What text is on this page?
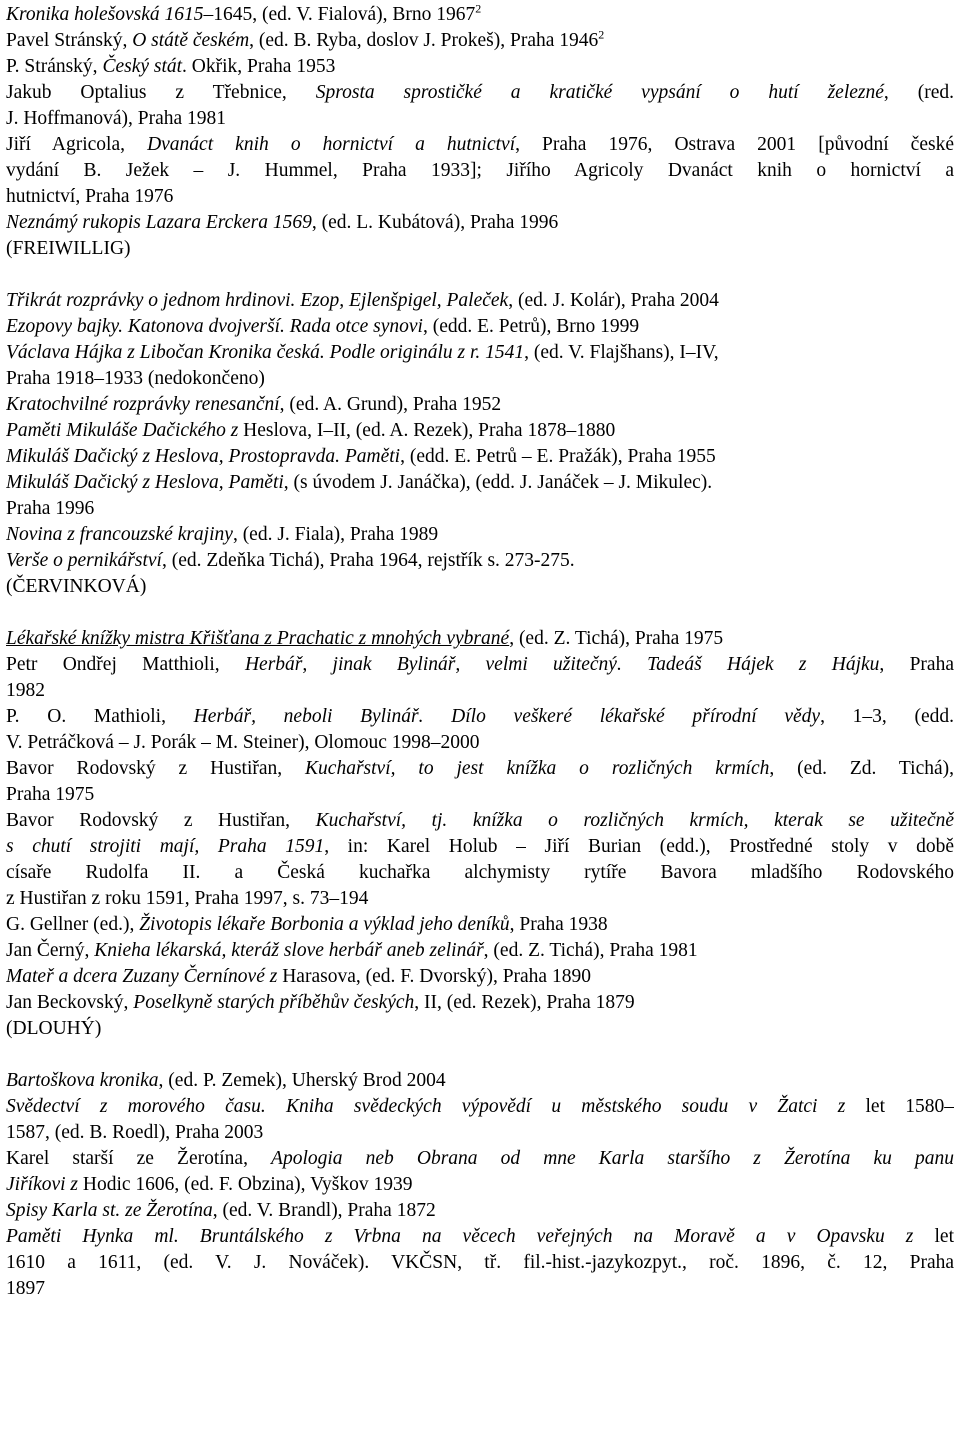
Kronika holešovská 1615–1645, (ed. V. Fialová), Brno 1967$^2$
Pavel Stránský, O státě českém, (ed. B. Ryba, doslov J. Prokeš), Praha 1946$^2$
P. Stránský, Český stát. Okřik, Praha 1953
Jakub Optalius z Třebnice, Sprosta sprostičké a kratičké vypsání o hutí železné, (red.
J. Hoffmanová), Praha 1981
Jiří Agricola, Dvanáct knih o hornictví a hutnictví, Praha 1976, Ostrava 2001 [původní české
vydání B. Ježek – J. Hummel, Praha 1933]; Jiřího Agricoly Dvanáct knih o hornictví a
hutnictví, Praha 1976
Neznámý rukopis Lazara Erckera 1569, (ed. L. Kubátová), Praha 1996
(FREIWILLIG)
Třikrát rozprávky o jednom hrdinovi. Ezop, Ejlenšpigel, Paleček, (ed. J. Kolár), Praha 2004
Ezopovy bajky. Katonova dvojverší. Rada otce synovi, (edd. E. Petrů), Brno 1999
Václava Hájka z Libočan Kronika česká. Podle originálu z r. 1541, (ed. V. Flajšhans), I–IV,
Praha 1918–1933 (nedokončeno)
Kratochvilné rozprávky renesanční, (ed. A. Grund), Praha 1952
Paměti Mikuláše Dačického z Heslova, I–II, (ed. A. Rezek), Praha 1878–1880
Mikuláš Dačický z Heslova, Prostopravda. Paměti, (edd. E. Petrů – E. Pražák), Praha 1955
Mikuláš Dačický z Heslova, Paměti, (s úvodem J. Janáčka), (edd. J. Janáček – J. Mikulec).
Praha 1996
Novina z francouzské krajiny, (ed. J. Fiala), Praha 1989
Verše o pernikářství, (ed. Zdeňka Tichá), Praha 1964, rejstřík s. 273-275.
(ČERVINKOVÁ)
Lékařské knížky mistra Křišťana z Prachatic z mnohých vybrané, (ed. Z. Tichá), Praha 1975
Petr Ondřej Matthioli, Herbář, jinak Bylinář, velmi užitečný. Tadeáš Hájek z Hájku, Praha
1982
P. O. Mathioli, Herbář, neboli Bylinář. Dílo veškeré lékařské přírodní vědy, 1–3, (edd.
V. Petráčková – J. Porák – M. Steiner), Olomouc 1998–2000
Bavor Rodovský z Hustiřan, Kuchařství, to jest knížka o rozličných krmích, (ed. Zd. Tichá),
Praha 1975
Bavor Rodovský z Hustiřan, Kuchařství, tj. knížka o rozličných krmích, kterak se užitečně
s chutí strojiti mají, Praha 1591, in: Karel Holub – Jiří Burian (edd.), Prostředné stoly v době
císaře Rudolfa II. a Česká kuchařka alchymisty rytíře Bavora mladšího Rodovského
z Hustiřan z roku 1591, Praha 1997, s. 73–194
G. Gellner (ed.), Životopis lékaře Borbonia a výklad jeho deníků, Praha 1938
Jan Černý, Knieha lékarská, kteráž slove herbář aneb zelinář, (ed. Z. Tichá), Praha 1981
Mateř a dcera Zuzany Černínové z Harasova, (ed. F. Dvorský), Praha 1890
Jan Beckovský, Poselkyně starých příběhův českých, II, (ed. Rezek), Praha 1879
(DLOUHÝ)
Bartoškova kronika, (ed. P. Zemek), Uherský Brod 2004
Svědectví z morového času. Kniha svědeckých výpovědí u městského soudu v Žatci z let 1580–
1587, (ed. B. Roedl), Praha 2003
Karel starší ze Žerotína, Apologia neb Obrana od mne Karla staršího z Žerotína ku panu
Jiříkovi z Hodic 1606, (ed. F. Obzina), Vyškov 1939
Spisy Karla st. ze Žerotína, (ed. V. Brandl), Praha 1872
Paměti Hynka ml. Bruntálského z Vrbna na věcech veřejných na Moravě a v Opavsku z let
1610 a 1611, (ed. V. J. Nováček). VKČSN, tř. fil.-hist.-jazykozpyt., roč. 1896, č. 12, Praha
1897
